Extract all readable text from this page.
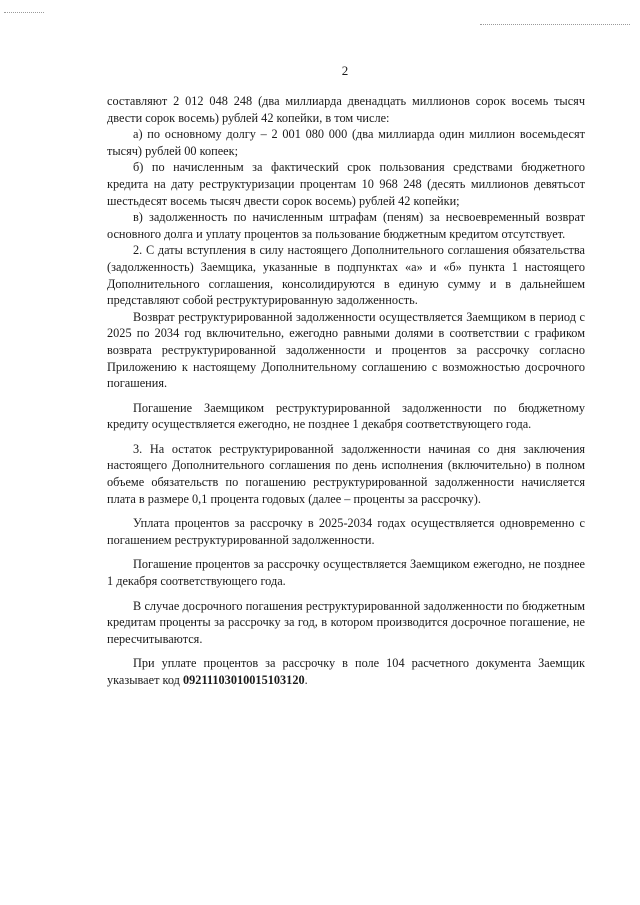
2

составляют 2 012 048 248 (два миллиарда двенадцать миллионов сорок восемь тысяч двести сорок восемь) рублей 42 копейки, в том числе:

а) по основному долгу – 2 001 080 000 (два миллиарда один миллион восемьдесят тысяч) рублей 00 копеек;

б) по начисленным за фактический срок пользования средствами бюджетного кредита на дату реструктуризации процентам 10 968 248 (десять миллионов девятьсот шестьдесят восемь тысяч двести сорок восемь) рублей 42 копейки;

в) задолженность по начисленным штрафам (пеням) за несвоевременный возврат основного долга и уплату процентов за пользование бюджетным кредитом отсутствует.

2. С даты вступления в силу настоящего Дополнительного соглашения обязательства (задолженность) Заемщика, указанные в подпунктах «а» и «б» пункта 1 настоящего Дополнительного соглашения, консолидируются в единую сумму и в дальнейшем представляют собой реструктурированную задолженность.

Возврат реструктурированной задолженности осуществляется Заемщиком в период с 2025 по 2034 год включительно, ежегодно равными долями в соответствии с графиком возврата реструктурированной задолженности и процентов за рассрочку согласно Приложению к настоящему Дополнительному соглашению с возможностью досрочного погашения.

Погашение Заемщиком реструктурированной задолженности по бюджетному кредиту осуществляется ежегодно, не позднее 1 декабря соответствующего года.

3. На остаток реструктурированной задолженности начиная со дня заключения настоящего Дополнительного соглашения по день исполнения (включительно) в полном объеме обязательств по погашению реструктурированной задолженности начисляется плата в размере 0,1 процента годовых (далее – проценты за рассрочку).

Уплата процентов за рассрочку в 2025-2034 годах осуществляется одновременно с погашением реструктурированной задолженности.

Погашение процентов за рассрочку осуществляется Заемщиком ежегодно, не позднее 1 декабря соответствующего года.

В случае досрочного погашения реструктурированной задолженности по бюджетным кредитам проценты за рассрочку за год, в котором производится досрочное погашение, не пересчитываются.

При уплате процентов за рассрочку в поле 104 расчетного документа Заемщик указывает код 09211103010015103120.
